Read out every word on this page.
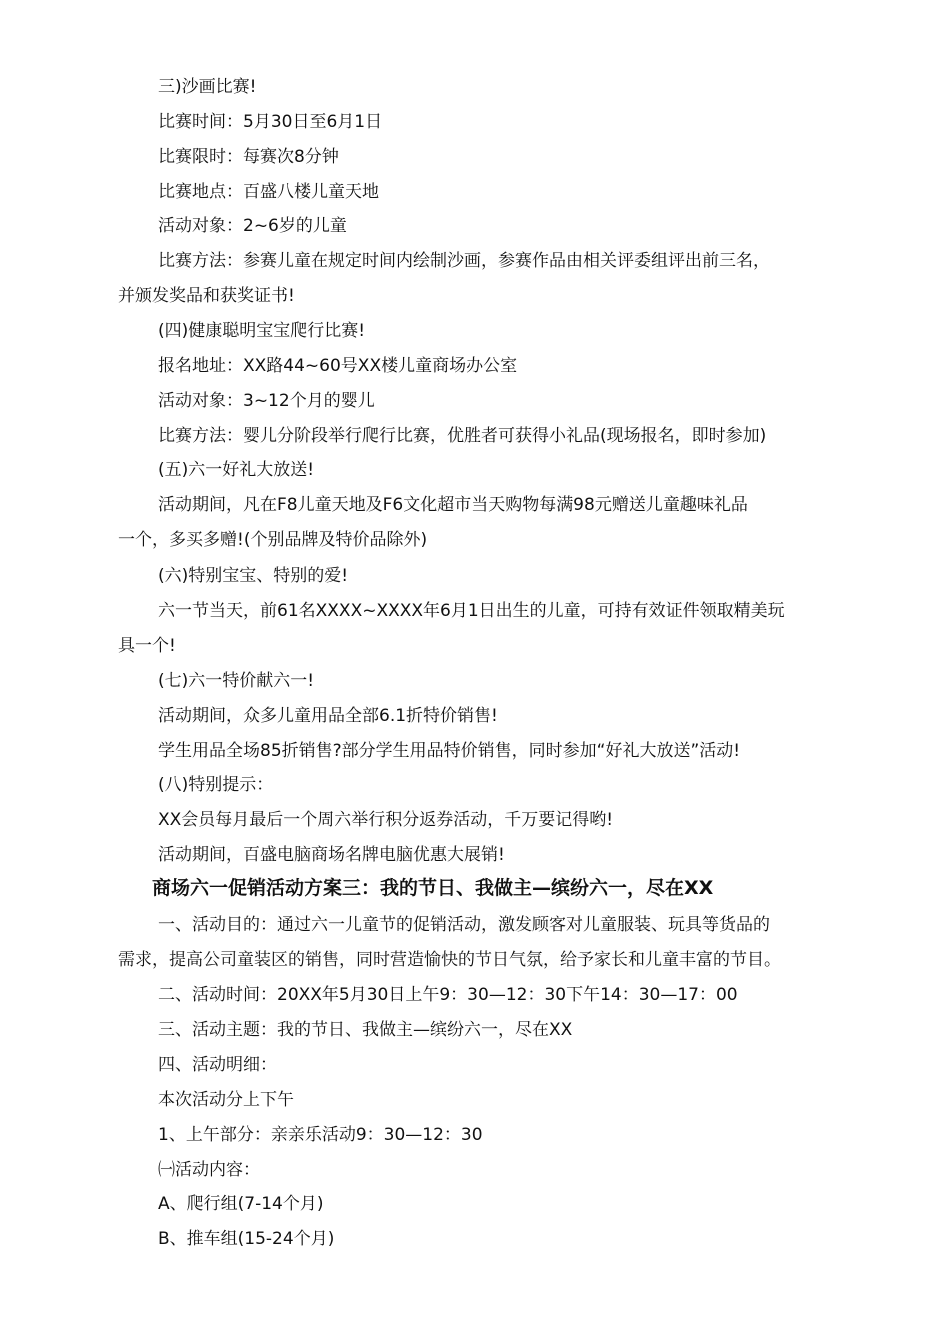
三)沙画比赛!
比赛时间：5月30日至6月1日
比赛限时：每赛次8分钟
比赛地点：百盛八楼儿童天地
活动对象：2~6岁的儿童
比赛方法：参赛儿童在规定时间内绘制沙画，参赛作品由相关评委组评出前三名，
并颁发奖品和获奖证书!
(四)健康聪明宝宝爬行比赛!
报名地址：XX路44~60号XX楼儿童商场办公室
活动对象：3~12个月的婴儿
比赛方法：婴儿分阶段举行爬行比赛，优胜者可获得小礼品(现场报名，即时参加)
(五)六一好礼大放送!
活动期间，凡在F8儿童天地及F6文化超市当天购物每满98元赠送儿童趣味礼品
一个，多买多赠!(个别品牌及特价品除外)
(六)特别宝宝、特别的爱!
六一节当天，前61名XXXX~XXXX年6月1日出生的儿童，可持有效证件领取精美玩
具一个!
(七)六一特价献六一!
活动期间，众多儿童用品全部6.1折特价销售!
学生用品全场85折销售?部分学生用品特价销售，同时参加“好礼大放送”活动!
(八)特别提示：
XX会员每月最后一个周六举行积分返券活动，千万要记得哟!
活动期间，百盛电脑商场名牌电脑优惠大展销!
商场六一促销活动方案三：我的节日、我做主—缤纷六一，尽在XX
一、活动目的：通过六一儿童节的促销活动，激发顾客对儿童服装、玩具等货品的
需求，提高公司童装区的销售，同时营造愉快的节日气氛，给予家长和儿童丰富的节目。
二、活动时间：20XX年5月30日上午9：30—12：30下午14：30—17：00
三、活动主题：我的节日、我做主—缤纷六一，尽在XX
四、活动明细：
本次活动分上下午
1、上午部分：亲亲乐活动9：30—12：30
㈠活动内容：
A、爬行组(7-14个月)
B、推车组(15-24个月)
